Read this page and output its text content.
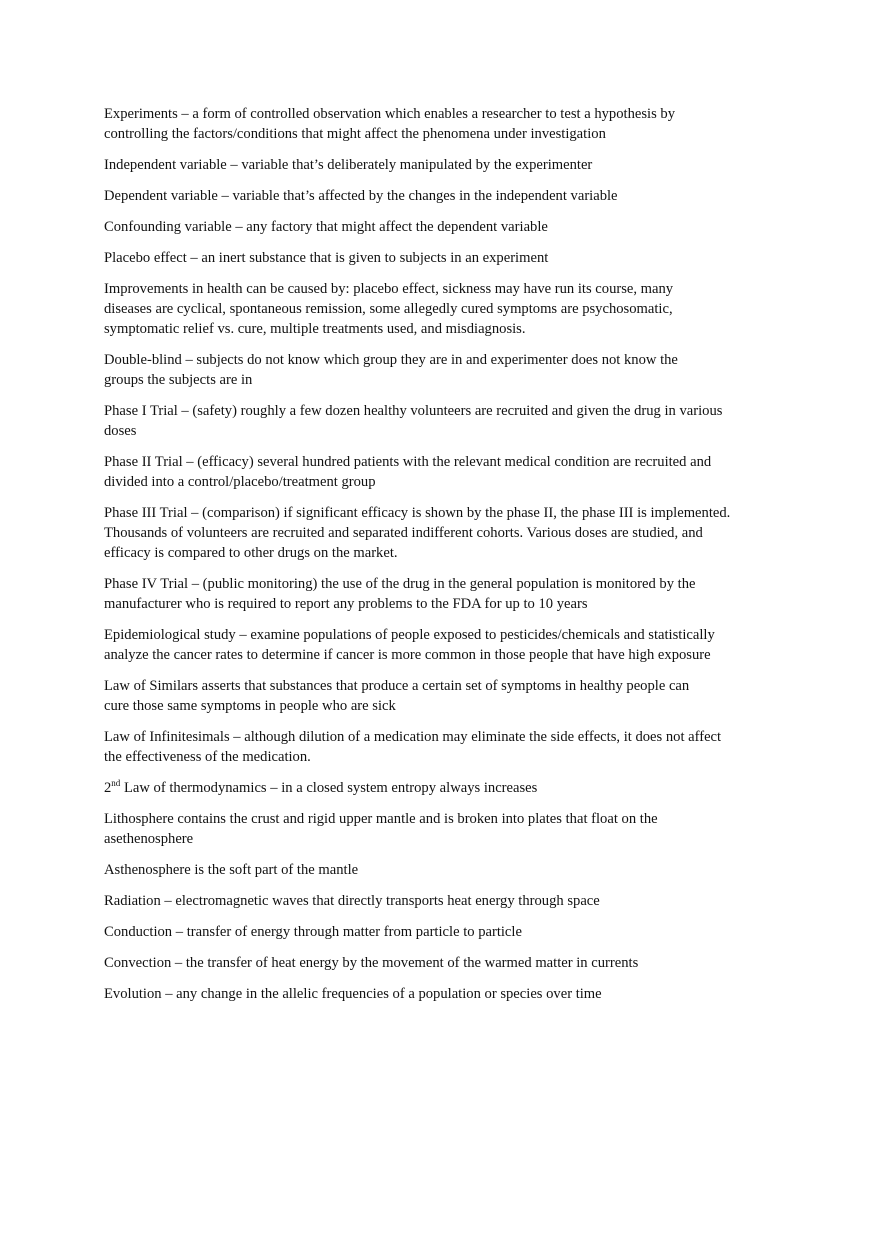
Experiments – a form of controlled observation which enables a researcher to test a hypothesis by
controlling the factors/conditions that might affect the phenomena under investigation

Independent variable – variable that’s deliberately manipulated by the experimenter

Dependent variable – variable that’s affected by the changes in the independent variable

Confounding variable – any factory that might affect the dependent variable

Placebo effect – an inert substance that is given to subjects in an experiment

Improvements in health can be caused by: placebo effect, sickness may have run its course, many
diseases are cyclical, spontaneous remission, some allegedly cured symptoms are psychosomatic,
symptomatic relief vs. cure, multiple treatments used, and misdiagnosis.

Double-blind – subjects do not know which group they are in and experimenter does not know the
groups the subjects are in

Phase I Trial – (safety) roughly a few dozen healthy volunteers are recruited and given the drug in various
doses

Phase II Trial – (efficacy) several hundred patients with the relevant medical condition are recruited and
divided into a control/placebo/treatment group

Phase III Trial – (comparison) if significant efficacy is shown by the phase II, the phase III is implemented.
Thousands of volunteers are recruited and separated indifferent cohorts. Various doses are studied, and
efficacy is compared to other drugs on the market.

Phase IV Trial – (public monitoring) the use of the drug in the general population is monitored by the
manufacturer who is required to report any problems to the FDA for up to 10 years

Epidemiological study – examine populations of people exposed to pesticides/chemicals and statistically
analyze the cancer rates to determine if cancer is more common in those people that have high exposure

Law of Similars asserts that substances that produce a certain set of symptoms in healthy people can
cure those same symptoms in people who are sick

Law of Infinitesimals – although dilution of a medication may eliminate the side effects, it does not affect
the effectiveness of the medication.

2nd Law of thermodynamics – in a closed system entropy always increases

Lithosphere contains the crust and rigid upper mantle and is broken into plates that float on the
asethenosphere

Asthenosphere is the soft part of the mantle

Radiation – electromagnetic waves that directly transports heat energy through space

Conduction – transfer of energy through matter from particle to particle

Convection – the transfer of heat energy by the movement of the warmed matter in currents

Evolution – any change in the allelic frequencies of a population or species over time
